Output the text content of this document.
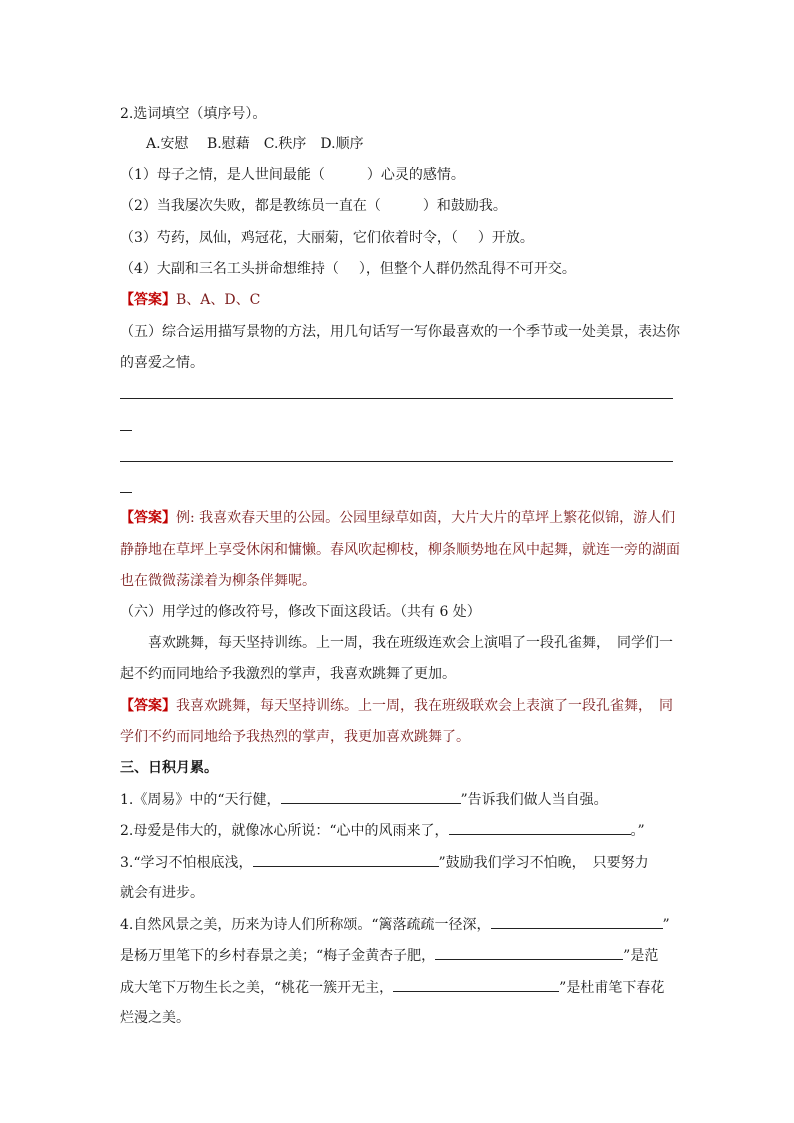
2.选词填空（填序号）。
A.安慰　 B.慰藉　C.秩序　D.顺序
（1）母子之情，是人世间最能（	）心灵的感情。
（2）当我屡次失败，都是教练员一直在（	）和鼓励我。
（3）芍药，凤仙，鸡冠花，大丽菊，它们依着时令，（ ）开放。
（4）大副和三名工头拼命想维持（ ），但整个人群仍然乱得不可开交。
【答案】B、A、D、C
（五）综合运用描写景物的方法，用几句话写一写你最喜欢的一个季节或一处美景，表达你
的喜爱之情。
【答案】例: 我喜欢春天里的公园。公园里绿草如茵，大片大片的草坪上繁花似锦，游人们
静静地在草坪上享受休闲和慵懒。春风吹起柳枝，柳条顺势地在风中起舞，就连一旁的湖面
也在微微荡漾着为柳条伴舞呢。
（六）用学过的修改符号，修改下面这段话。（共有 6 处）
喜欢跳舞，每天坚持训练。上一周，我在班级连欢会上演唱了一段孔雀舞，　同学们一
起不约而同地给予我激烈的掌声，我喜欢跳舞了更加。
【答案】我喜欢跳舞，每天坚持训练。上一周，我在班级联欢会上表演了一段孔雀舞，　同
学们不约而同地给予我热烈的掌声，我更加喜欢跳舞了。
三、日积月累。
1.《周易》中的“天行健，	”告诉我们做人当自强。
2.母爱是伟大的，就像冰心所说：“心中的风雨来了，	。”
3.“学习不怕根底浅，	”鼓励我们学习不怕晚，　只要努力
就会有进步。
4.自然风景之美，历来为诗人们所称颂。“篱落疏疏一径深，	”
是杨万里笔下的乡村春景之美；“梅子金黄杏子肥，	”是范
成大笔下万物生长之美，“桃花一簇开无主，	”是杜甫笔下春花
烂漫之美。
